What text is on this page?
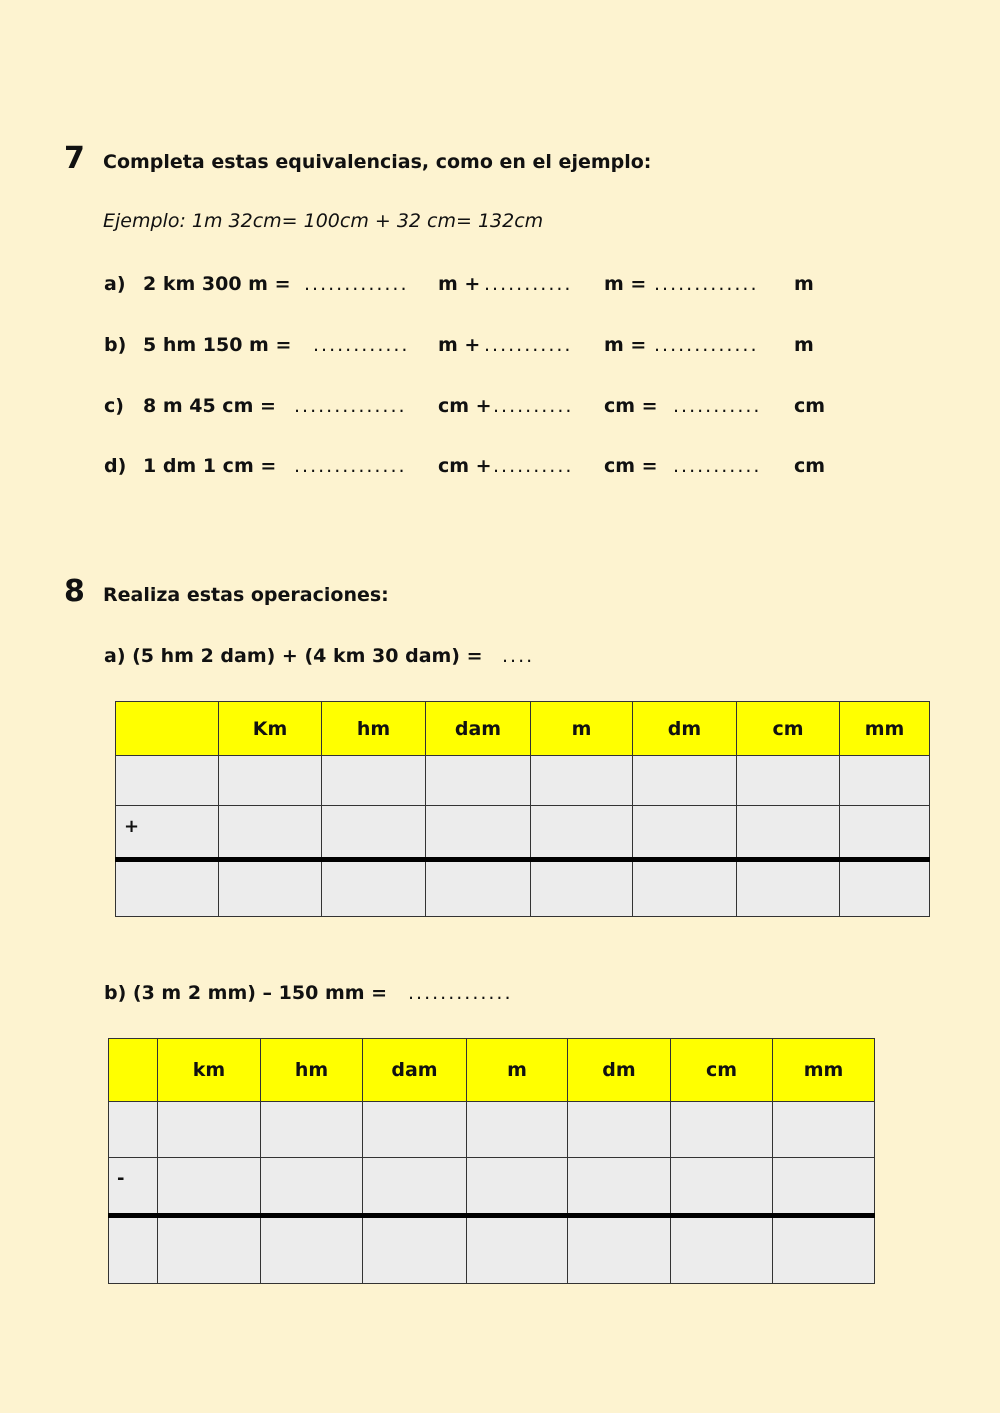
7 Completa estas equivalencias, como en el ejemplo:
Ejemplo: 1m 32cm= 100cm + 32 cm= 132cm
a) 2 km 300 m = ............. m + ........... m = ............. m
b) 5 hm 150 m = ............ m + ........... m = ............. m
c) 8 m 45 cm = .............. cm + .......... cm = ........... cm
d) 1 dm 1 cm = .............. cm + .......... cm = ........... cm
8 Realiza estas operaciones:
a) (5 hm 2 dam) + (4 km 30 dam) = ....
	Km	hm	dam	m	dm	cm	mm

+							

b) (3 m 2 mm) – 150 mm = .............
	km	hm	dam	m	dm	cm	mm

-							
